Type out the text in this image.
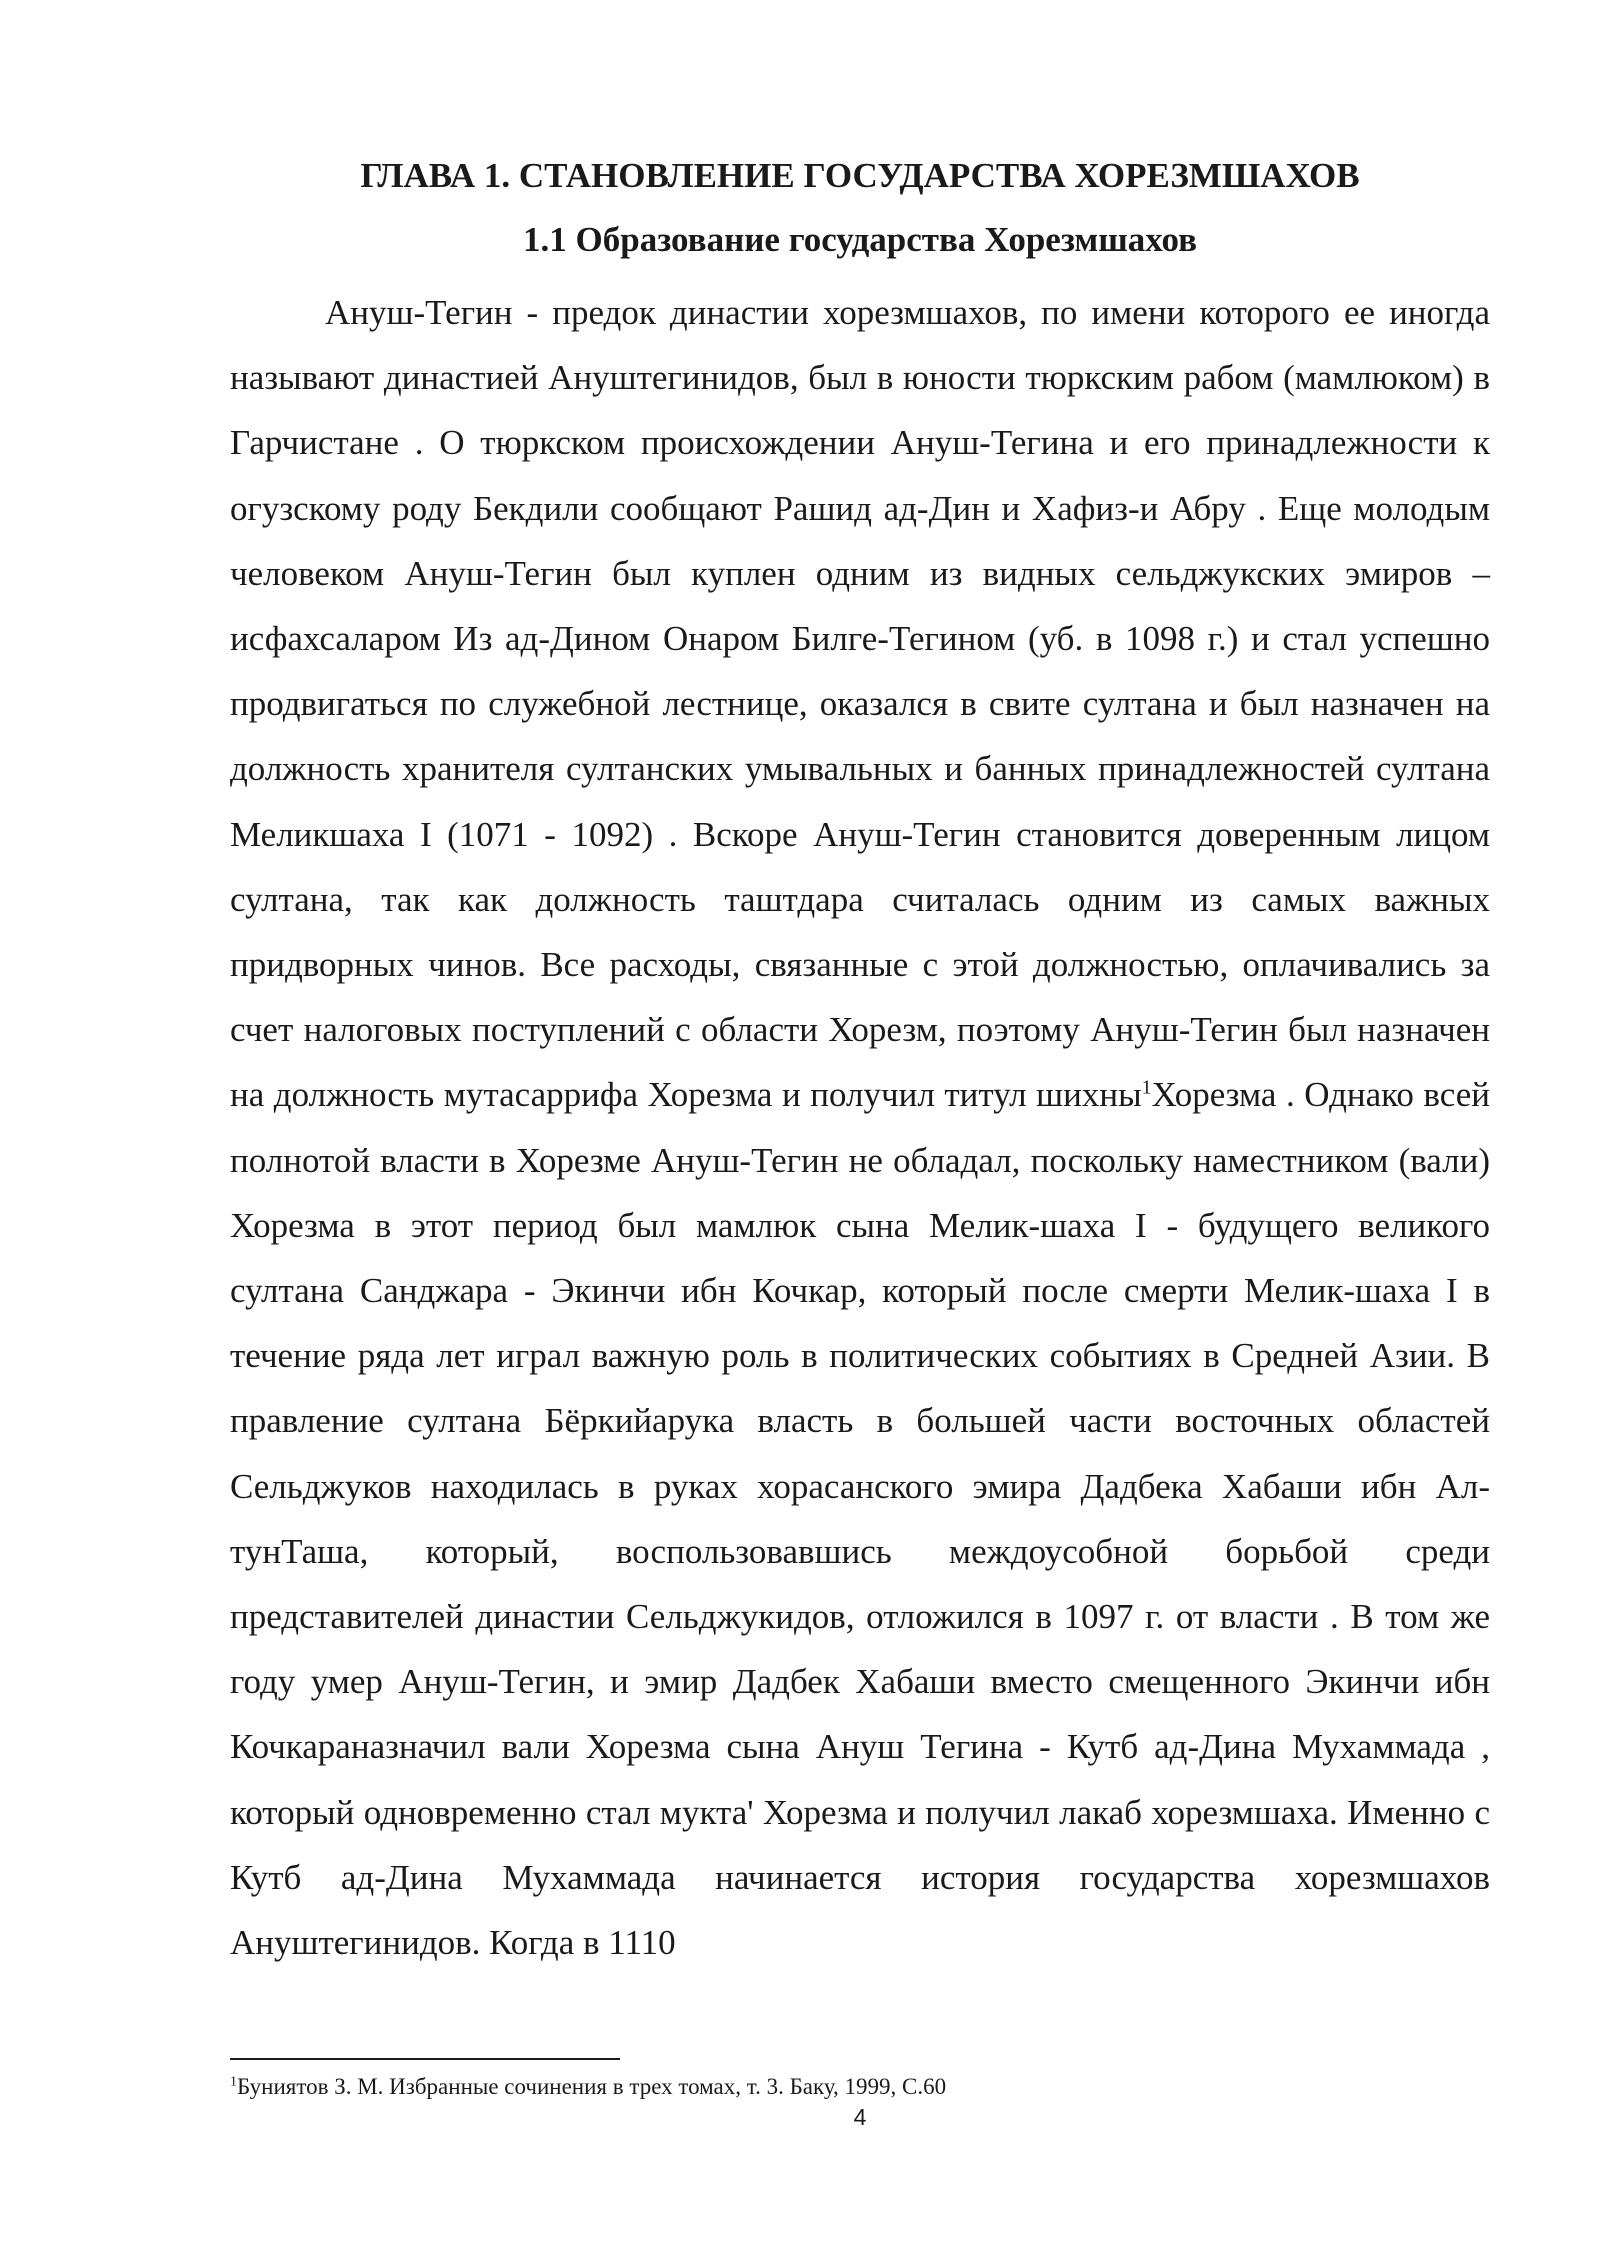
ГЛАВА 1. СТАНОВЛЕНИЕ ГОСУДАРСТВА ХОРЕЗМШАХОВ
1.1 Образование государства Хорезмшахов

Ануш-Тегин - предок династии хорезмшахов, по имени которого ее иногда называют династией Ануштегинидов, был в юности тюркским рабом (мамлюком) в Гарчистане . О тюркском происхождении Ануш-Тегина и его принадлежности к огузскому роду Бекдили сообщают Рашид ад-Дин и Хафиз-и Абру . Еще молодым человеком Ануш-Тегин был куплен одним из видных сельджукских эмиров – исфахсаларом Из ад-Дином Онаром Билге-Тегином (уб. в 1098 г.) и стал успешно продвигаться по служебной лестнице, оказался в свите султана и был назначен на должность хранителя султанских умывальных и банных принадлежностей султана Меликшаха I (1071 - 1092) . Вскоре Ануш-Тегин становится доверенным лицом султана, так как должность таштдара считалась одним из самых важных придворных чинов. Все расходы, связанные с этой должностью, оплачивались за счет налоговых поступлений с области Хорезм, поэтому Ануш-Тегин был назначен на должность мутасаррифа Хорезма и получил титул шихны$^1$Хорезма . Однако всей полнотой власти в Хорезме Ануш-Тегин не обладал, поскольку наместником (вали) Хорезма в этот период был мамлюк сына Мелик-шаха I - будущего великого султана Санджара - Экинчи ибн Кочкар, который после смерти Мелик-шаха I в течение ряда лет играл важную роль в политических событиях в Средней Азии. В правление султана Бёркийарука власть в большей части восточных областей Сельджуков находилась в руках хорасанского эмира Дадбека Хабаши ибн Ал-тунТаша, который, воспользовавшись междоусобной борьбой среди представителей династии Сельджукидов, отложился в 1097 г. от власти . В том же году умер Ануш-Тегин, и эмир Дадбек Хабаши вместо смещенного Экинчи ибн Кочкараназначил вали Хорезма сына Ануш Тегина - Кутб ад-Дина Мухаммада , который одновременно стал мукта' Хорезма и получил лакаб хорезмшаха. Именно с Кутб ад-Дина Мухаммада начинается история государства хорезмшахов Ануштегинидов. Когда в 1110

$^1$Буниятов З. М. Избранные сочинения в трех томах, т. 3. Баку, 1999, С.60

4
